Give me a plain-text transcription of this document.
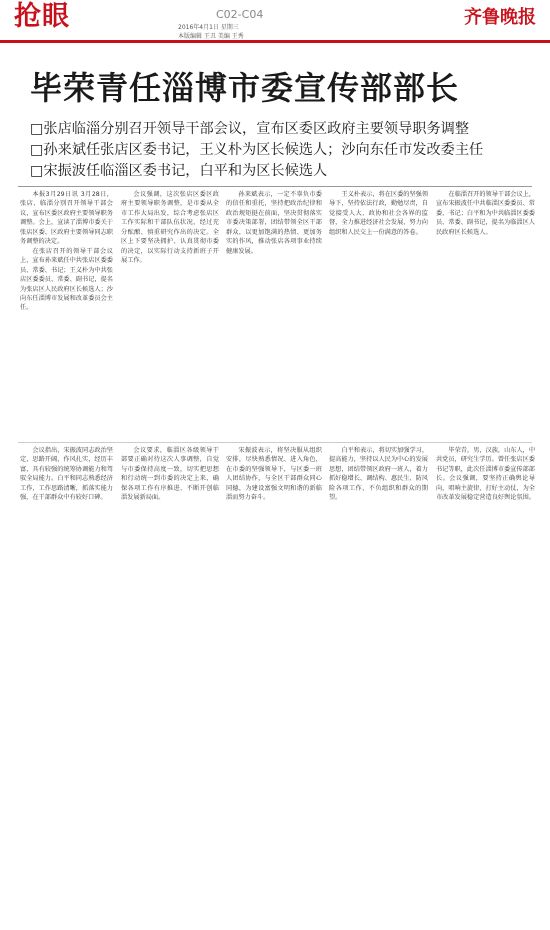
抢眼	C02-C04
2016年4月1日 星期三
本版编辑 王丑 美编 王秀
齐鲁晚报
毕荣青任淄博市委宣传部部长
□张店临淄分别召开领导干部会议，宣布区委区政府主要领导职务调整
□孙来斌任张店区委书记，王义朴为区长候选人；沙向东任市发改委主任
□宋振波任临淄区委书记，白平和为区长候选人

本报3月29日讯 3月28日，张店、临淄分别召开领导干部会议，宣布区委区政府主要领导职务调整。会上，宣读了淄博市委关于张店区委、区政府主要领导同志职务调整的决定。

在张店召开的领导干部会议上，宣布孙来斌任中共张店区委委员、常委、书记；王义朴为中共张店区委委员、常委、副书记，提名为张店区人民政府区长候选人；沙向东任淄博市发展和改革委员会主任。

会议强调，这次张店区委区政府主要领导职务调整，是市委从全市工作大局出发，综合考虑张店区工作实际和干部队伍状况，经过充分酝酿、慎重研究作出的决定。全区上下要坚决拥护、认真贯彻市委的决定，以实际行动支持新班子开展工作。

孙来斌表示，一定不辜负市委的信任和重托，坚持把政治纪律和政治规矩挺在前面，坚决贯彻落实市委决策部署，团结带领全区干部群众，以更加饱满的热情、更加务实的作风，推动张店各项事业持续健康发展。

王义朴表示，将在区委的坚强领导下，坚持依法行政，勤勉尽责，自觉接受人大、政协和社会各界的监督，全力推进经济社会发展，努力向组织和人民交上一份满意的答卷。

在临淄召开的领导干部会议上，宣布宋振波任中共临淄区委委员、常委、书记；白平和为中共临淄区委委员、常委、副书记，提名为临淄区人民政府区长候选人。

会议指出，宋振波同志政治坚定，思路开阔，作风扎实，经历丰富，具有较强的统筹协调能力和驾驭全局能力。白平和同志熟悉经济工作，工作思路清晰，抓落实能力强，在干部群众中有较好口碑。

会议要求，临淄区各级领导干部要正确对待这次人事调整，自觉与市委保持高度一致，切实把思想和行动统一到市委的决定上来，确保各项工作有序推进、不断开创临淄发展新局面。

宋振波表示，将坚决服从组织安排，尽快熟悉情况、进入角色，在市委的坚强领导下，与区委一班人团结协作，与全区干部群众同心同德，为建设富强文明和谐的新临淄而努力奋斗。

白平和表示，将切实加强学习，提高能力，坚持以人民为中心的发展思想，团结带领区政府一班人，着力抓好稳增长、调结构、惠民生、防风险各项工作，不负组织和群众的期望。

毕荣青，男，汉族，山东人，中共党员，研究生学历。曾任张店区委书记等职，此次任淄博市委宣传部部长。会议强调，要坚持正确舆论导向，唱响主旋律，打好主动仗，为全市改革发展稳定营造良好舆论氛围。
